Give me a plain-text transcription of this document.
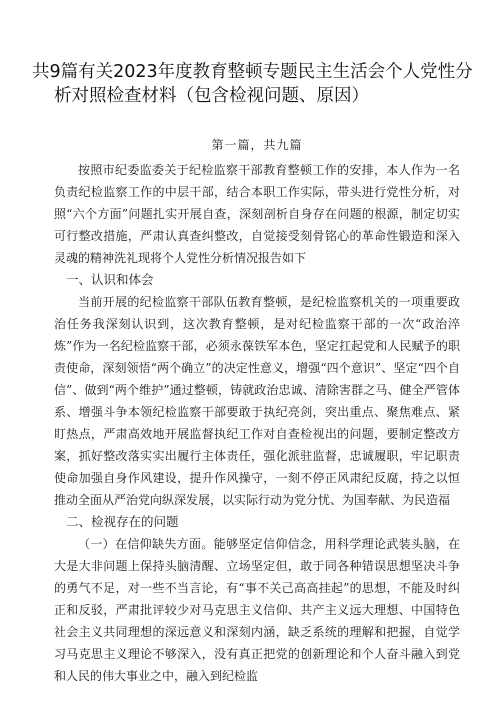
共9篇有关2023年度教育整顿专题民主生活会个人党性分
析对照检查材料（包含检视问题、原因）
第一篇，共九篇

按照市纪委监委关于纪检监察干部教育整顿工作的安排，本人作为一名负责纪检监察工作的中层干部，结合本职工作实际，带头进行党性分析，对照“六个方面”问题扎实开展自查，深刻剖析自身存在问题的根源，制定切实可行整改措施，严肃认真查纠整改，自觉接受刻骨铭心的革命性锻造和深入灵魂的精神洗礼现将个人党性分析情况报告如下

一、认识和体会

当前开展的纪检监察干部队伍教育整顿，是纪检监察机关的一项重要政治任务我深刻认识到，这次教育整顿，是对纪检监察干部的一次“政治淬炼”作为一名纪检监察干部，必须永葆铁军本色，坚定扛起党和人民赋予的职责使命，深刻领悟“两个确立”的决定性意义，增强“四个意识”、坚定“四个自信”、做到“两个维护”通过整顿，铸就政治忠诚、清除害群之马、健全严管体系、增强斗争本领纪检监察干部要敢于执纪亮剑，突出重点、聚焦难点、紧盯热点，严肃高效地开展监督执纪工作对自查检视出的问题，要制定整改方案，抓好整改落实实出履行主体责任，强化派驻监督，忠诚履职，牢记职责使命加强自身作风建设，提升作风操守，一刻不停正风肃纪反腐，持之以恒推动全面从严治党向纵深发展，以实际行动为党分忧、为国奉献、为民造福

二、检视存在的问题

（一）在信仰缺失方面。能够坚定信仰信念，用科学理论武装头脑，在大是大非问题上保持头脑清醒、立场坚定但，敢于同各种错误思想坚决斗争的勇气不足，对一些不当言论，有“事不关己高高挂起”的思想，不能及时纠正和反驳，严肃批评较少对马克思主义信仰、共产主义远大理想、中国特色社会主义共同理想的深远意义和深刻内涵，缺乏系统的理解和把握，自觉学习马克思主义理论不够深入，没有真正把党的创新理论和个人奋斗融入到党和人民的伟大事业之中，融入到纪检监
